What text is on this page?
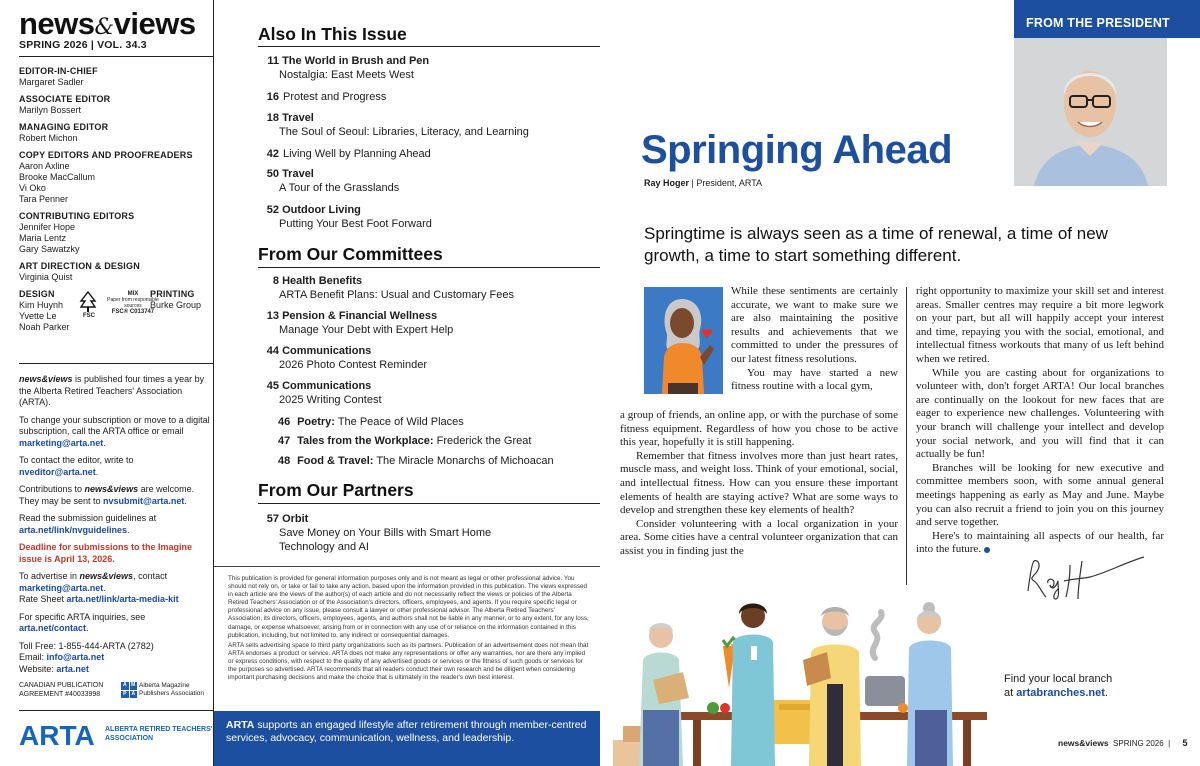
news&views
SPRING 2026 | VOL. 34.3
EDITOR-IN-CHIEF
Margaret Sadler
ASSOCIATE EDITOR
Marilyn Bossert
MANAGING EDITOR
Robert Michon
COPY EDITORS AND PROOFREADERS
Aaron Axline
Brooke MacCallum
Vi Oko
Tara Penner
CONTRIBUTING EDITORS
Jennifer Hope
Maria Lentz
Gary Sawatzky
ART DIRECTION & DESIGN
Virginia Quist
DESIGN
Kim Huynh
Yvette Le
Noah Parker
FSC
MIX
Paper from responsible sources

FSC® C013747
PRINTING
Burke Group

news&views is published four times a year by the Alberta Retired Teachers' Association (ARTA).

To change your subscription or move to a digital subscription, call the ARTA office or email marketing@arta.net.

To contact the editor, write to nveditor@arta.net.

Contributions to news&views are welcome. They may be sent to nvsubmit@arta.net.

Read the submission guidelines at arta.net/link/nvguidelines.

Deadline for submissions to the Imagine issue is April 13, 2026.

To advertise in news&views, contact marketing@arta.net.
Rate Sheet arta.net/link/arta-media-kit

For specific ARTA inquiries, see arta.net/contact.

Toll Free: 1-855-444-ARTA (2782)
Email: info@arta.net
Website: arta.net

CANADIAN PUBLICATION AGREEMENT #40033998
A M
P	A
Alberta Magazine Publishers Association
ARTA ALBERTA RETIRED TEACHERS' ASSOCIATION
Also In This Issue
11 The World in Brush and Pen
Nostalgia: East Meets West
16 Protest and Progress
18 Travel
The Soul of Seoul: Libraries, Literacy, and Learning
42 Living Well by Planning Ahead
50 Travel
A Tour of the Grasslands
52 Outdoor Living
Putting Your Best Foot Forward
From Our Committees
8 Health Benefits
ARTA Benefit Plans: Usual and Customary Fees
13 Pension & Financial Wellness
Manage Your Debt with Expert Help
44 Communications
2026 Photo Contest Reminder
45 Communications
2025 Writing Contest
46 Poetry: The Peace of Wild Places
47 Tales from the Workplace: Frederick the Great
48 Food & Travel: The Miracle Monarchs of Michoacan
From Our Partners
57 Orbit
Save Money on Your Bills with Smart Home
Technology and AI

This publication is provided for general information purposes only and is not meant as legal or other professional advice. You should not rely on, or take or fail to take any action, based upon the information provided in this publication. The views expressed in each article are the views of the author(s) of each article and do not necessarily reflect the views or policies of the Alberta Retired Teachers' Association or of the Association's directors, officers, employees, and agents. If you require specific legal or professional advice on any issue, please consult a lawyer or other professional advisor. The Alberta Retired Teachers' Association, its directors, officers, employees, agents, and authors shall not be liable in any manner, or to any extent, for any loss, damage, or expense whatsoever, arising from or in connection with any use of or reliance on the information contained in this publication, including, but not limited to, any indirect or consequential damages.

ARTA sells advertising space to third party organizations such as its partners. Publication of an advertisement does not mean that ARTA endorses a product or service. ARTA does not make any representations or offer any warranties, nor are there any implied or express conditions, with respect to the quality of any advertised goods or services or the fitness of such goods or services for the purposes so advertised. ARTA recommends that all readers conduct their own research and be diligent when considering important purchasing decisions and make the choice that is ultimately in the reader's own best interest.

ARTA supports an engaged lifestyle after retirement through member-centred services, advocacy, communication, wellness, and leadership.
FROM THE PRESIDENT
Springing Ahead
Ray Hoger | President, ARTA
Springtime is always seen as a time of renewal, a time of new growth, a time to start something different.

While these sentiments are certainly accurate, we want to make sure we are also maintaining the positive results and achievements that we committed to under the pressures of our latest fitness resolutions.

You may have started a new fitness routine with a local gym,

a group of friends, an online app, or with the purchase of some fitness equipment. Regardless of how you chose to be active this year, hopefully it is still happening.

Remember that fitness involves more than just heart rates, muscle mass, and weight loss. Think of your emotional, social, and intellectual fitness. How can you ensure these important elements of health are staying active? What are some ways to develop and strengthen these key elements of health?

Consider volunteering with a local organization in your area. Some cities have a central volunteer organization that can assist you in finding just the

right opportunity to maximize your skill set and interest areas. Smaller centres may require a bit more legwork on your part, but all will happily accept your interest and time, repaying you with the social, emotional, and intellectual fitness workouts that many of us left behind when we retired.

While you are casting about for organizations to volunteer with, don't forget ARTA! Our local branches are continually on the lookout for new faces that are eager to experience new challenges. Volunteering with your branch will challenge your intellect and develop your social network, and you will find that it can actually be fun!

Branches will be looking for new executive and committee members soon, with some annual general meetings happening as early as May and June. Maybe you can also recruit a friend to join you on this journey and serve together.

Here's to maintaining all aspects of our health, far into the future.

Find your local branch
at artabranches.net.
news&views SPRING 2026  | 5
